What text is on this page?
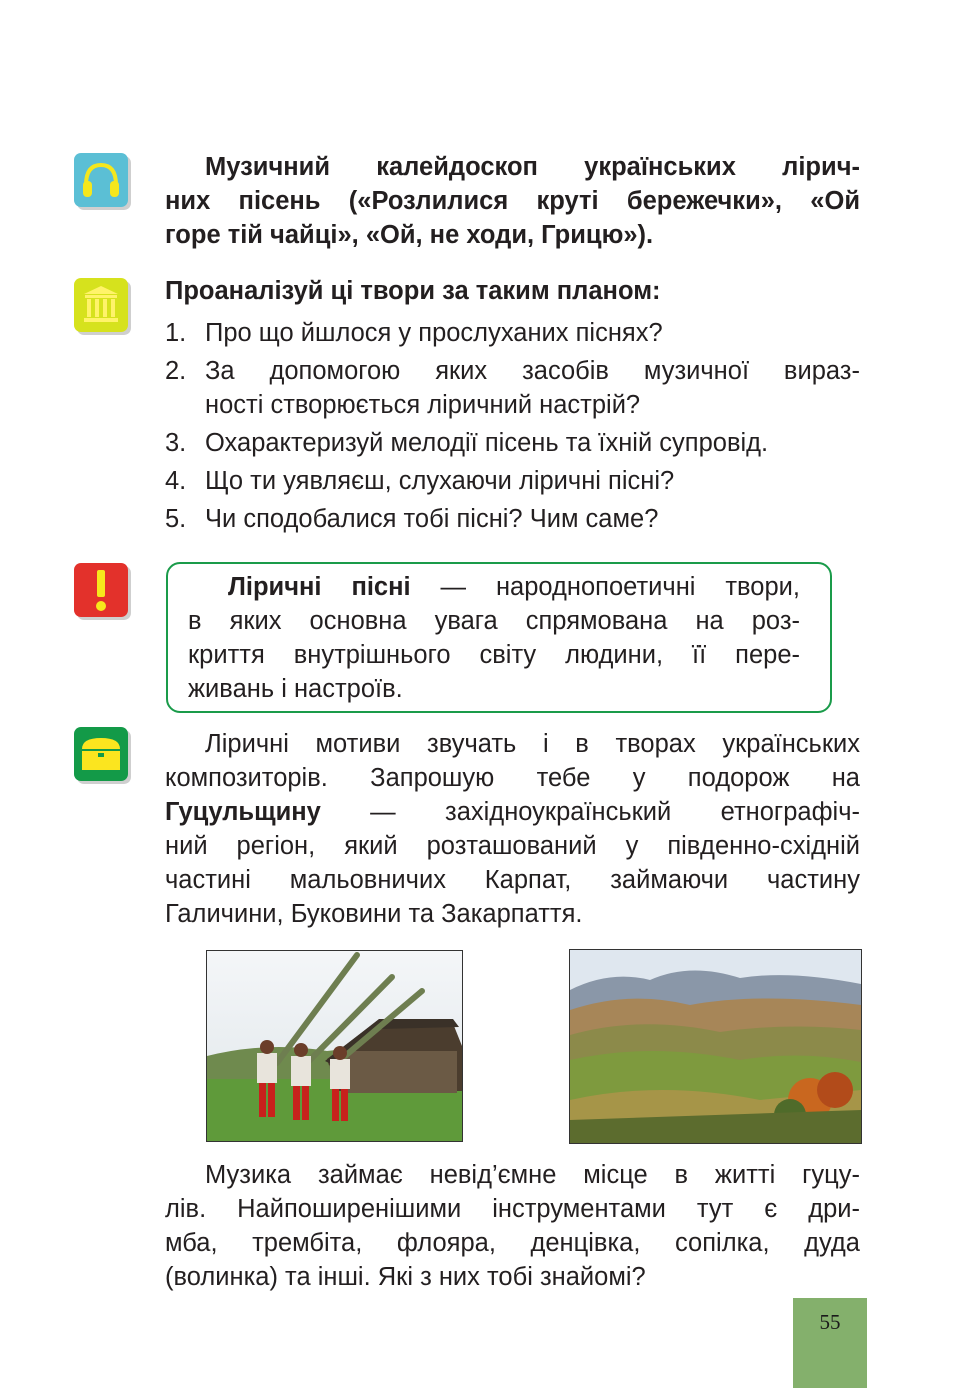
Музичний калейдоскоп українських лірич-
них пісень («Розлилися круті бережечки», «Ой
горе тій чайці», «Ой, не ходи, Грицю»).
Проаналізуй ці твори за таким планом:
1. Про що йшлося у прослуханих піснях?
2. За допомогою яких засобів музичної вираз-
ності створюється ліричний настрій?
3. Охарактеризуй мелодії пісень та їхній супровід.
4. Що ти уявляєш, слухаючи ліричні пісні?
5. Чи сподобалися тобі пісні? Чим саме?
Ліричні пісні — народнопоетичні твори,
в яких основна увага спрямована на роз-
криття внутрішнього світу людини, її пере-
живань і настроїв.
Ліричні мотиви звучать і в творах українських
композиторів. Запрошую тебе у подорож на
Гуцульщину — західноукраїнський етнографіч-
ний регіон, який розташований у південно-східній
частині мальовничих Карпат, займаючи частину
Галичини, Буковини та Закарпаття.
Музика займає невід’ємне місце в житті гуцу-
лів. Найпоширенішими інструментами тут є дри-
мба, трембіта, флояра, денцівка, сопілка, дуда
(волинка) та інші. Які з них тобі знайомі?
55
